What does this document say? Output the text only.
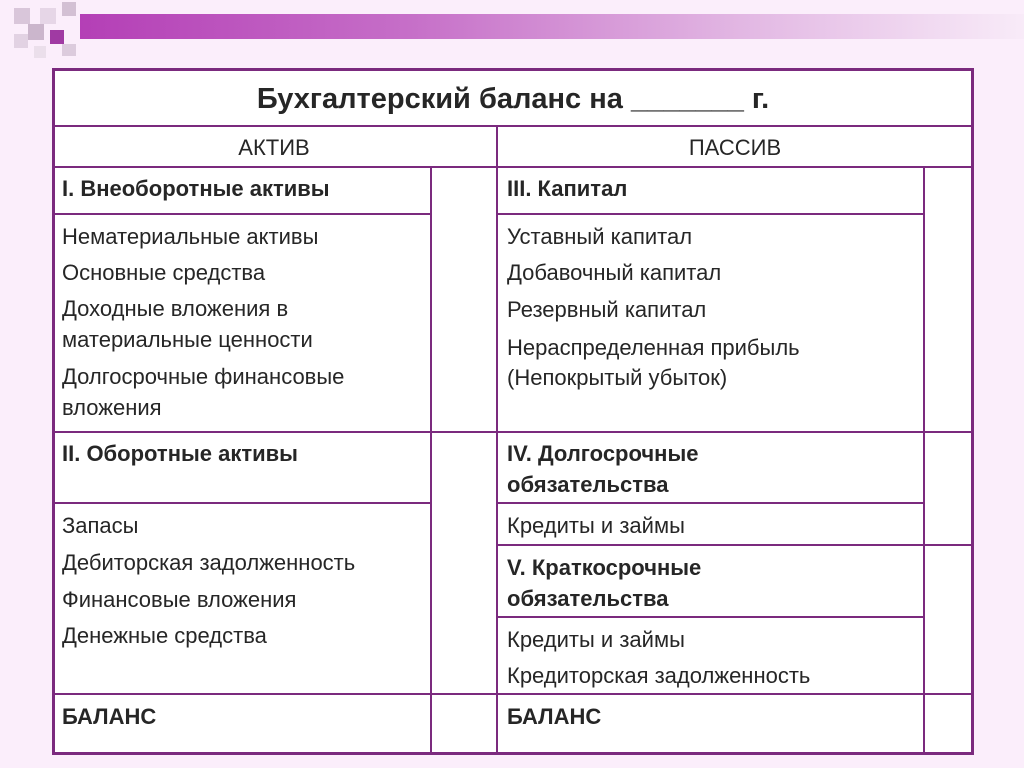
Бухгалтерский баланс на _______ г.
АКТИВ	ПАССИВ
I. Внеоборотные активы
Нематериальные активы
Основные средства
Доходные вложения в
материальные ценности
Долгосрочные финансовые
вложения
II. Оборотные активы
Запасы
Дебиторская задолженность
Финансовые вложения
Денежные средства
БАЛАНС
III. Капитал
Уставный капитал
Добавочный капитал
Резервный капитал
Нераспределенная прибыль
(Непокрытый убыток)
IV. Долгосрочные
обязательства
Кредиты и займы
V. Краткосрочные
обязательства
Кредиты и займы
Кредиторская задолженность
БАЛАНС
